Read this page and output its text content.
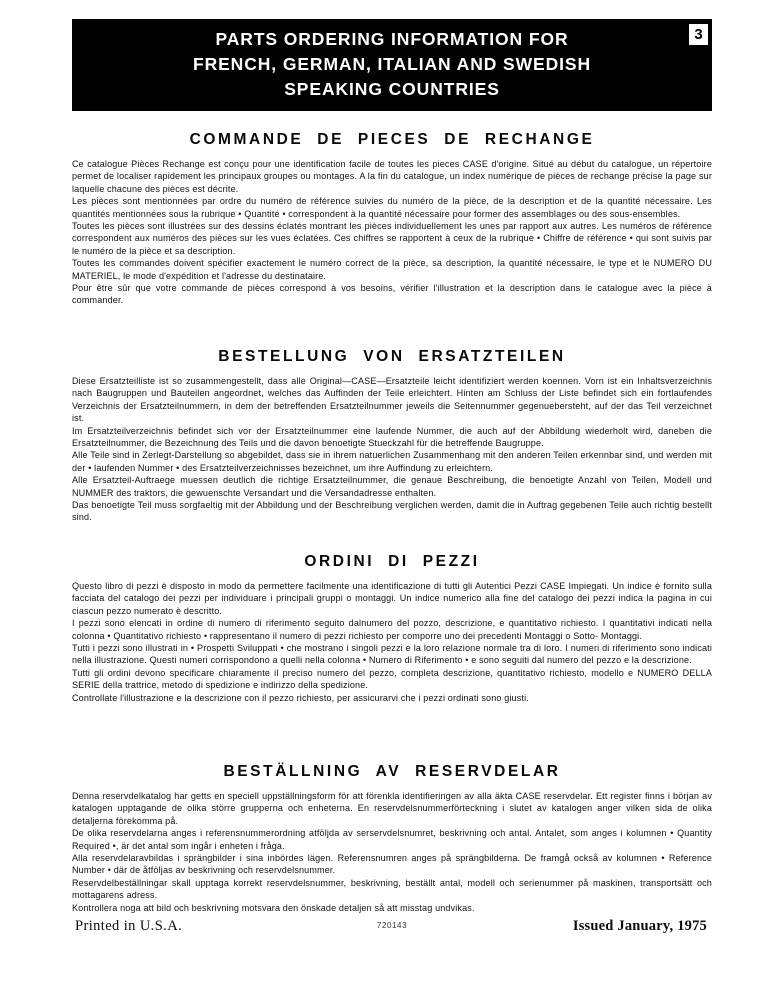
PARTS ORDERING INFORMATION FOR
FRENCH, GERMAN, ITALIAN AND SWEDISH
SPEAKING COUNTRIES
3
COMMANDE DE PIECES DE RECHANGE

Ce catalogue Pièces Rechange est conçu pour une identification facile de toutes les pieces CASE d'origine. Situé au début du catalogue, un répertoire permet de localiser rapidement les principaux groupes ou montages. A la fin du catalogue, un index numérique de pièces de rechange précise la page sur laquelle chacune des pièces est décrite.

Les pièces sont mentionnées par ordre du numéro de référence suivies du numéro de la pièce, de la description et de la quantité nécessaire. Les quantités mentionnées sous la rubrique • Quantité • correspondent à la quantité nécessaire pour former des assemblages ou des sous-ensembles.

Toutes les pièces sont illustrées sur des dessins éclatés montrant les pièces individuellement les unes par rapport aux autres. Les numéros de référence correspondent aux numéros des pièces sur les vues éclatées. Ces chiffres se rapportent à ceux de la rubrique • Chiffre de référence • qui sont suivis par le numéro de la pièce et sa description.

Toutes les commandes doivent spécifier exactement le numéro correct de la pièce, sa description, la quantité nécessaire, le type et le NUMERO DU MATERIEL, le mode d'expédition et l'adresse du destinataire.

Pour être sûr que votre commande de pièces correspond à vos besoins, vérifier l'illustration et la description dans le catalogue avec la pièce à commander.

BESTELLUNG VON ERSATZTEILEN

Diese Ersatzteilliste ist so zusammengestellt, dass alle Original—CASE—Ersatzteile leicht identifiziert werden koennen. Vorn ist ein Inhaltsverzeichnis nach Baugruppen und Bauteilen angeordnet, welches das Auffinden der Teile erleichtert. Hinten am Schluss der Liste befindet sich ein fortlaufendes Verzeichnis der Ersatzteilnummern, in dem der betreffenden Ersatzteilnummer jeweils die Seitennummer gegenuebersteht, auf der das Teil verzeichnet ist.

Im Ersatzteilverzeichnis befindet sich vor der Ersatzteilnummer eine laufende Nummer, die auch auf der Abbildung wiederholt wird, daneben die Ersatzteilnummer, die Bezeichnung des Teils und die davon benoetigte Stueckzahl für die betreffende Baugruppe.

Alle Teile sind in Zerlegt-Darstellung so abgebildet, dass sie in ihrem natuerlichen Zusammenhang mit den anderen Teilen erkennbar sind, und werden mit der • laufenden Nummer • des Ersatzteilverzeichnisses bezeichnet, um ihre Auffindung zu erleichtern.

Alle Ersatzteil-Auftraege muessen deutlich die richtige Ersatzteilnummer, die genaue Beschreibung, die benoetigte Anzahl von Teilen, Modell und NUMMER des traktors, die gewuenschte Versandart und die Versandadresse enthalten.

Das benoetigte Teil muss sorgfaeltig mit der Abbildung und der Beschreibung verglichen werden, damit die in Auftrag gegebenen Teile auch richtig bestellt sind.

ORDINI DI PEZZI

Questo libro di pezzi è disposto in modo da permettere facilmente una identificazione di tutti gli Autentici Pezzi CASE Impiegati. Un indice è fornito sulla facciata del catalogo dei pezzi per individuare i principali gruppi o montaggi. Un indice numerico alla fine del catalogo dei pezzi indica la pagina in cui ciascun pezzo numerato è descritto.

I pezzi sono elencati in ordine di numero di riferimento seguito dalnumero del pozzo, descrizione, e quantitativo richiesto. I quantitativi indicati nella colonna • Quantitativo richiesto • rappresentano il numero di pezzi richiesto per comporre uno dei precedenti Montaggi o Sotto- Montaggi.

Tutti i pezzi sono illustrati in • Prospetti Sviluppati • che mostrano i singoli pezzi e la loro relazione normale tra di loro. I numeri di riferimento sono indicati nella illustrazione. Questi numeri corrispondono a quelli nella colonna • Numero di Riferimento • e sono seguiti dal numero del pezzo e la descrizione.

Tutti gli ordini devono specificare chiaramente il preciso numero del pezzo, completa descrizione, quantitativo richiesto, modello e NUMERO DELLA SERIE della trattrice, metodo di spedizione e indirizzo della spedizione.

Controllate l'illustrazione e la descrizione con il pezzo richiesto, per assicurarvi che i pezzi ordinati sono giusti.

BESTÄLLNING AV RESERVDELAR

Denna reservdelkatalog har getts en speciell uppställningsform för att förenkla identifieringen av alla äkta CASE reservdelar. Ett register finns i början av katalogen upptagande de olika större grupperna och enheterna. En reservdelsnummerförteckning i slutet av katalogen anger vilken sida de olika detaljerna förekomma på.

De olika reservdelarna anges i referensnummerordning atföljda av serservdelsnumret, beskrivning och antal. Antalet, som anges i kolumnen • Quantity Required •, är det antal som ingår i enheten i fråga.

Alla reservdelaravbildas i sprängbilder i sina inbördes lägen. Referensnumren anges på sprängbilderna. De framgå också av kolumnen • Reference Number • där de åtföljas av beskrivning och reservdelsnummer.

Reservdelbeställningar skall upptaga korrekt reservdelsnummer, beskrivning, beställt antal, modell och serienummer på maskinen, transportsätt och mottagarens adress.

Kontrollera noga att bild och beskrivning motsvara den önskade detaljen så att misstag undvikas.

Printed in U.S.A.	720143	Issued January, 1975
